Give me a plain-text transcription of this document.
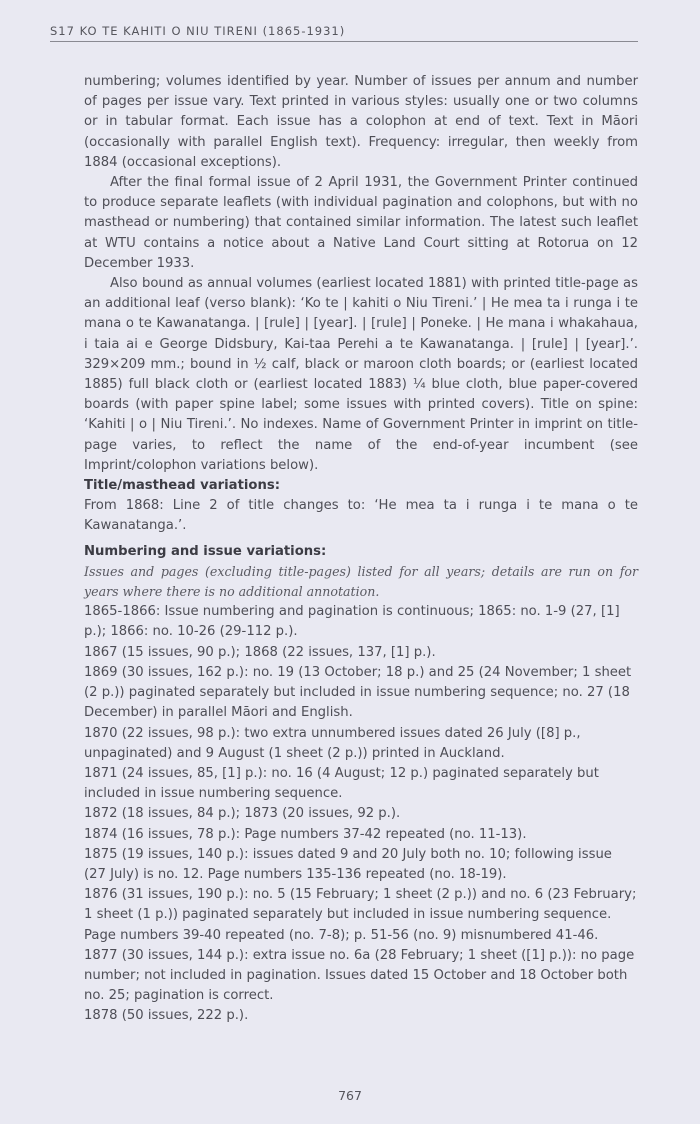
S17 KO TE KAHITI O NIU TIRENI (1865-1931)

numbering; volumes identified by year. Number of issues per annum and number of pages per issue vary. Text printed in various styles: usually one or two columns or in tabular format. Each issue has a colophon at end of text. Text in Māori (occasionally with parallel English text). Frequency: irregular, then weekly from 1884 (occasional exceptions).

After the final formal issue of 2 April 1931, the Government Printer continued to produce separate leaflets (with individual pagination and colophons, but with no masthead or numbering) that contained similar information. The latest such leaflet at WTU contains a notice about a Native Land Court sitting at Rotorua on 12 December 1933.

Also bound as annual volumes (earliest located 1881) with printed title-page as an additional leaf (verso blank): ‘Ko te | kahiti o Niu Tireni.’ | He mea ta i runga i te mana o te Kawanatanga. | [rule] | [year]. | [rule] | Poneke. | He mana i whakahaua, i taia ai e George Didsbury, Kai-taa Perehi a te Kawanatanga. | [rule] | [year].’. 329×209 mm.; bound in ½ calf, black or maroon cloth boards; or (earliest located 1885) full black cloth or (earliest located 1883) ¼ blue cloth, blue paper-covered boards (with paper spine label; some issues with printed covers). Title on spine: ‘Kahiti | o | Niu Tireni.’. No indexes. Name of Government Printer in imprint on title-page varies, to reflect the name of the end-of-year incumbent (see Imprint/colophon variations below).

Title/masthead variations:

From 1868: Line 2 of title changes to: ‘He mea ta i runga i te mana o te Kawanatanga.’.

Numbering and issue variations:

Issues and pages (excluding title-pages) listed for all years; details are run on for years where there is no additional annotation.

1865-1866: Issue numbering and pagination is continuous; 1865: no. 1-9 (27, [1] p.); 1866: no. 10-26 (29-112 p.).

1867 (15 issues, 90 p.); 1868 (22 issues, 137, [1] p.).

1869 (30 issues, 162 p.): no. 19 (13 October; 18 p.) and 25 (24 November; 1 sheet (2 p.)) paginated separately but included in issue numbering sequence; no. 27 (18 December) in parallel Māori and English.

1870 (22 issues, 98 p.): two extra unnumbered issues dated 26 July ([8] p., unpaginated) and 9 August (1 sheet (2 p.)) printed in Auckland.

1871 (24 issues, 85, [1] p.): no. 16 (4 August; 12 p.) paginated separately but included in issue numbering sequence.

1872 (18 issues, 84 p.); 1873 (20 issues, 92 p.).

1874 (16 issues, 78 p.): Page numbers 37-42 repeated (no. 11-13).

1875 (19 issues, 140 p.): issues dated 9 and 20 July both no. 10; following issue (27 July) is no. 12. Page numbers 135-136 repeated (no. 18-19).

1876 (31 issues, 190 p.): no. 5 (15 February; 1 sheet (2 p.)) and no. 6 (23 February; 1 sheet (1 p.)) paginated separately but included in issue numbering sequence. Page numbers 39-40 repeated (no. 7-8); p. 51-56 (no. 9) misnumbered 41-46.

1877 (30 issues, 144 p.): extra issue no. 6a (28 February; 1 sheet ([1] p.)): no page number; not included in pagination. Issues dated 15 October and 18 October both no. 25; pagination is correct.

1878 (50 issues, 222 p.).

767
